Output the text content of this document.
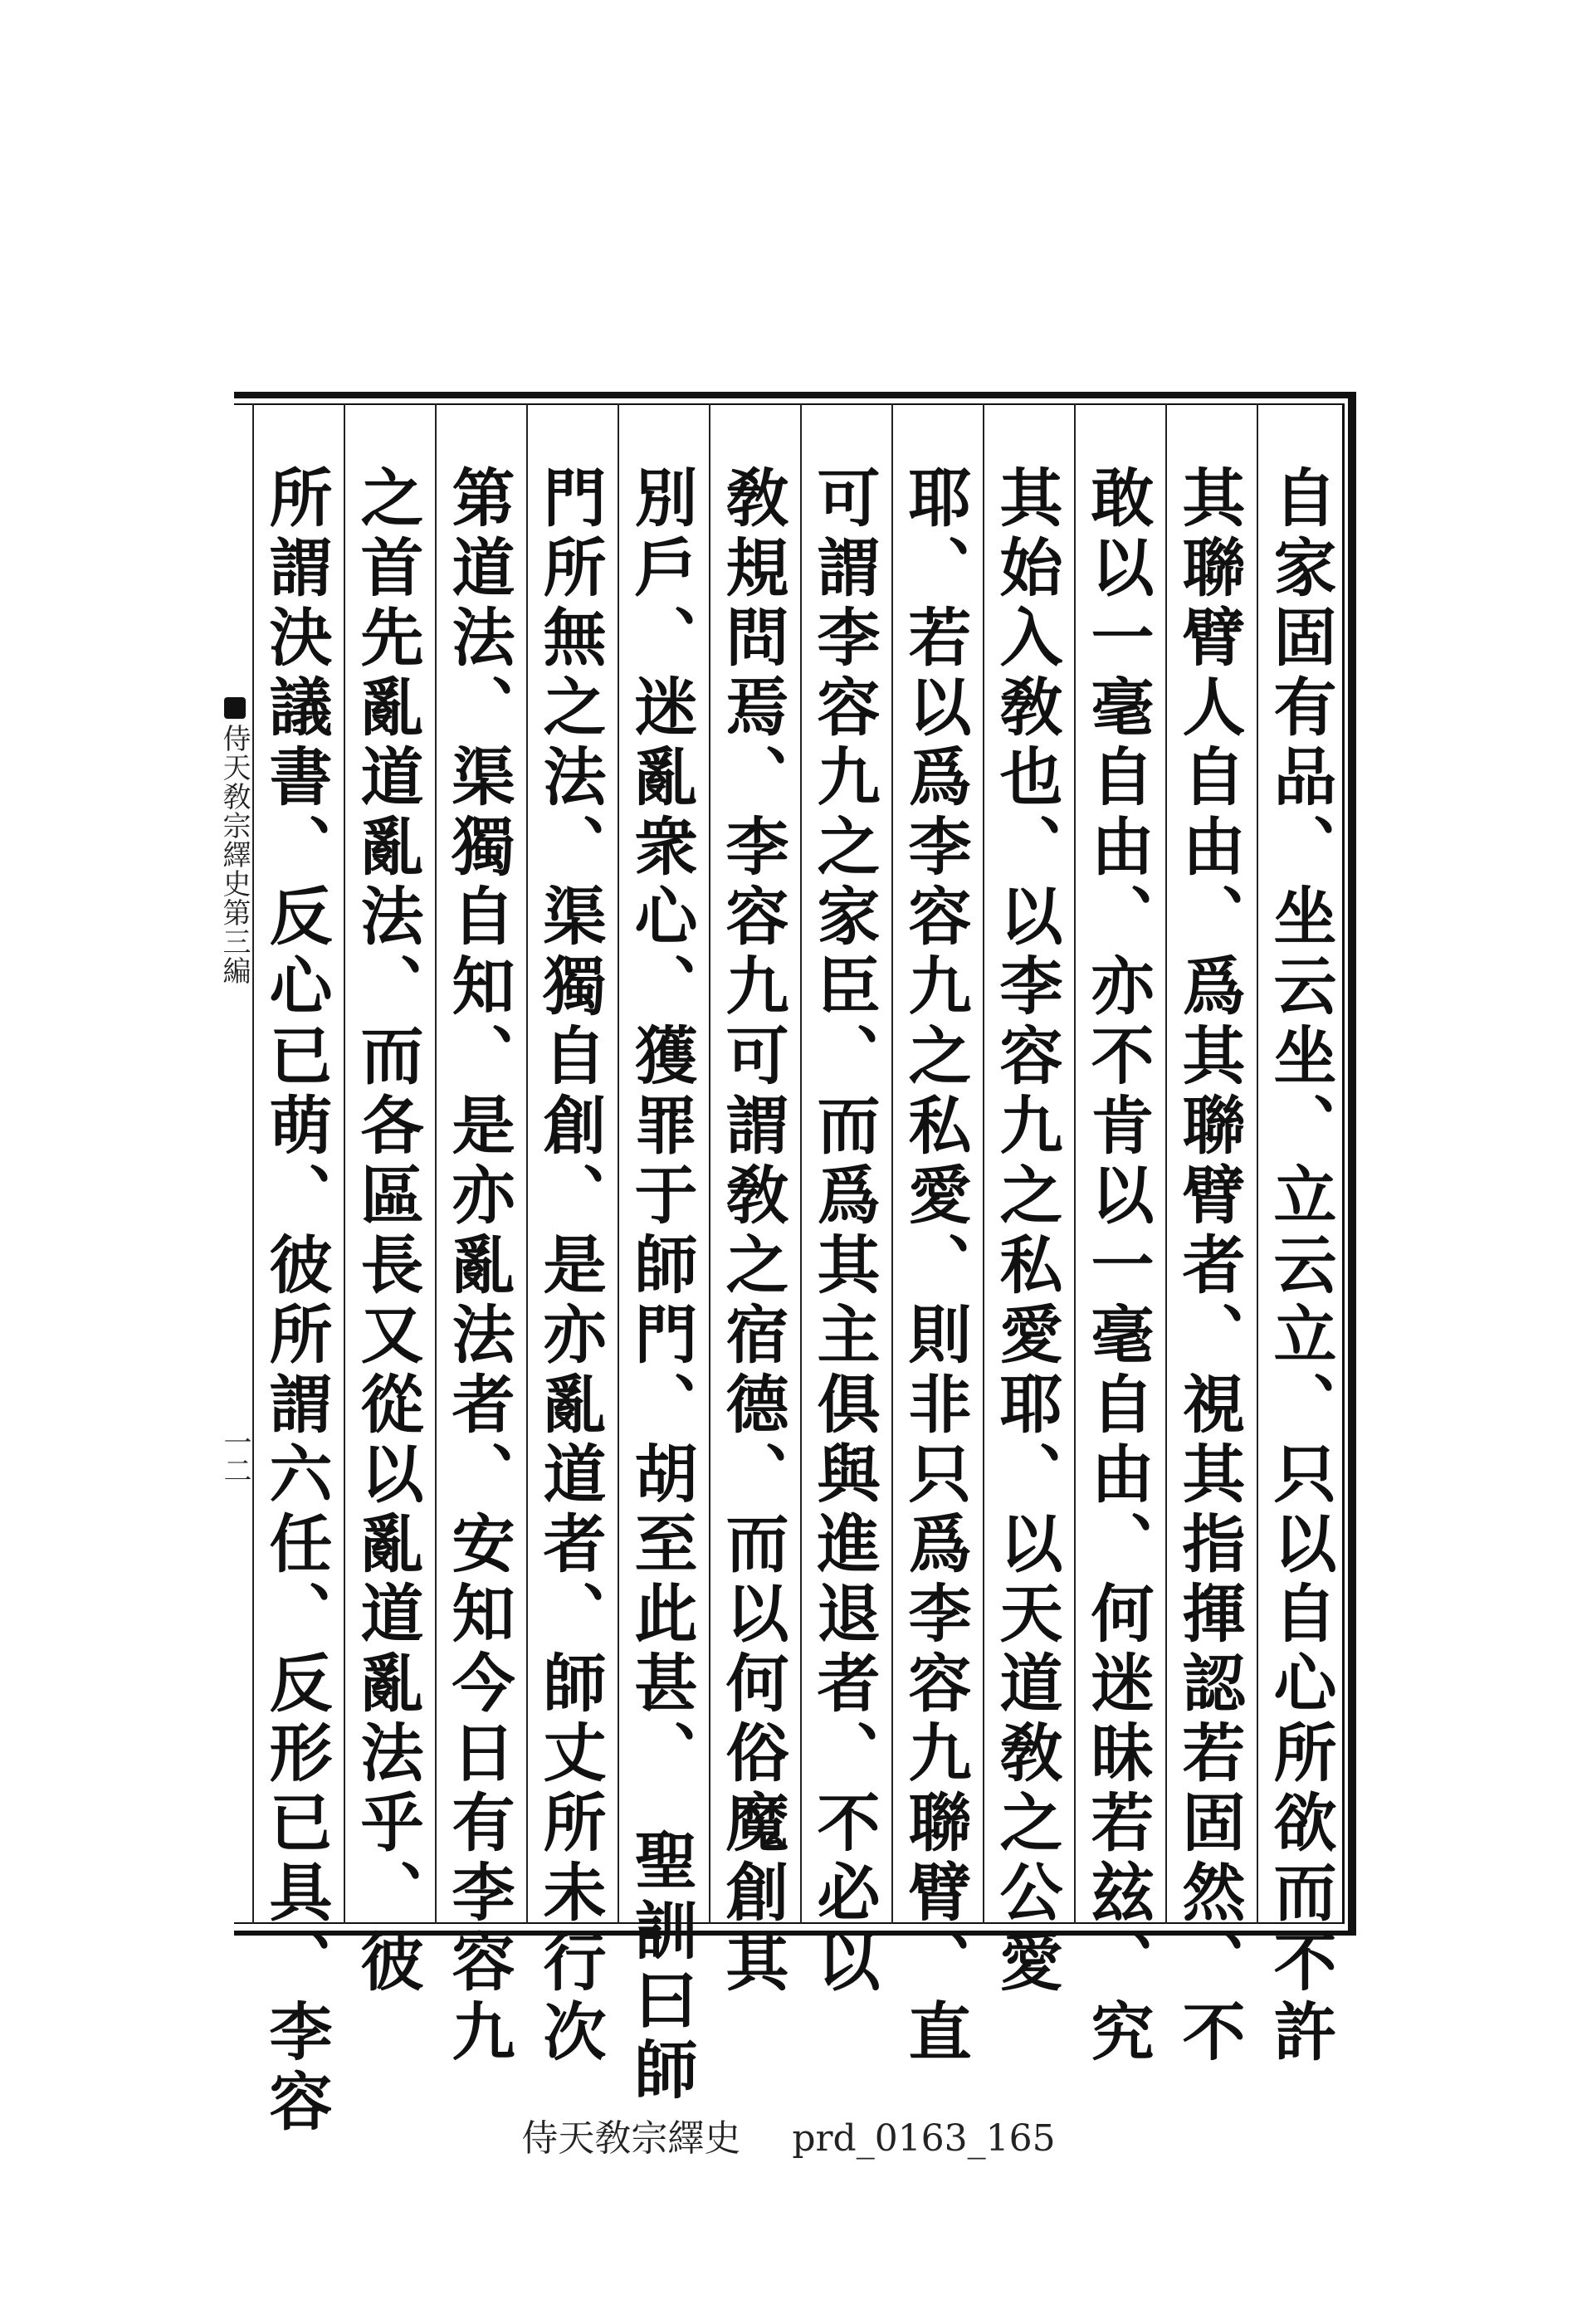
自家固有品、坐云坐、立云立、只以自心所欲而不許
其聯臂人自由、爲其聯臂者、視其指揮認若固然、不
敢以一毫自由、亦不肯以一毫自由、何迷昧若玆、究
其始入敎也、以李容九之私愛耶、以天道敎之公愛
耶、若以爲李容九之私愛、則非只爲李容九聯臂、直
可謂李容九之家臣、而爲其主俱與進退者、不必以
敎規問焉、李容九可謂敎之宿德、而以何俗魔創其
別戶、迷亂衆心、獲罪于師門、胡至此甚、　聖訓曰師
門所無之法、渠獨自創、是亦亂道者、師丈所未行次
第道法、渠獨自知、是亦亂法者、安知今日有李容九
之首先亂道亂法、而各區長又從以亂道亂法乎、彼
所謂決議書、反心已萌、彼所謂六任、反形已具、李容
侍天敎宗繹史第三編
一二
侍天敎宗繹史 prd_0163_165
